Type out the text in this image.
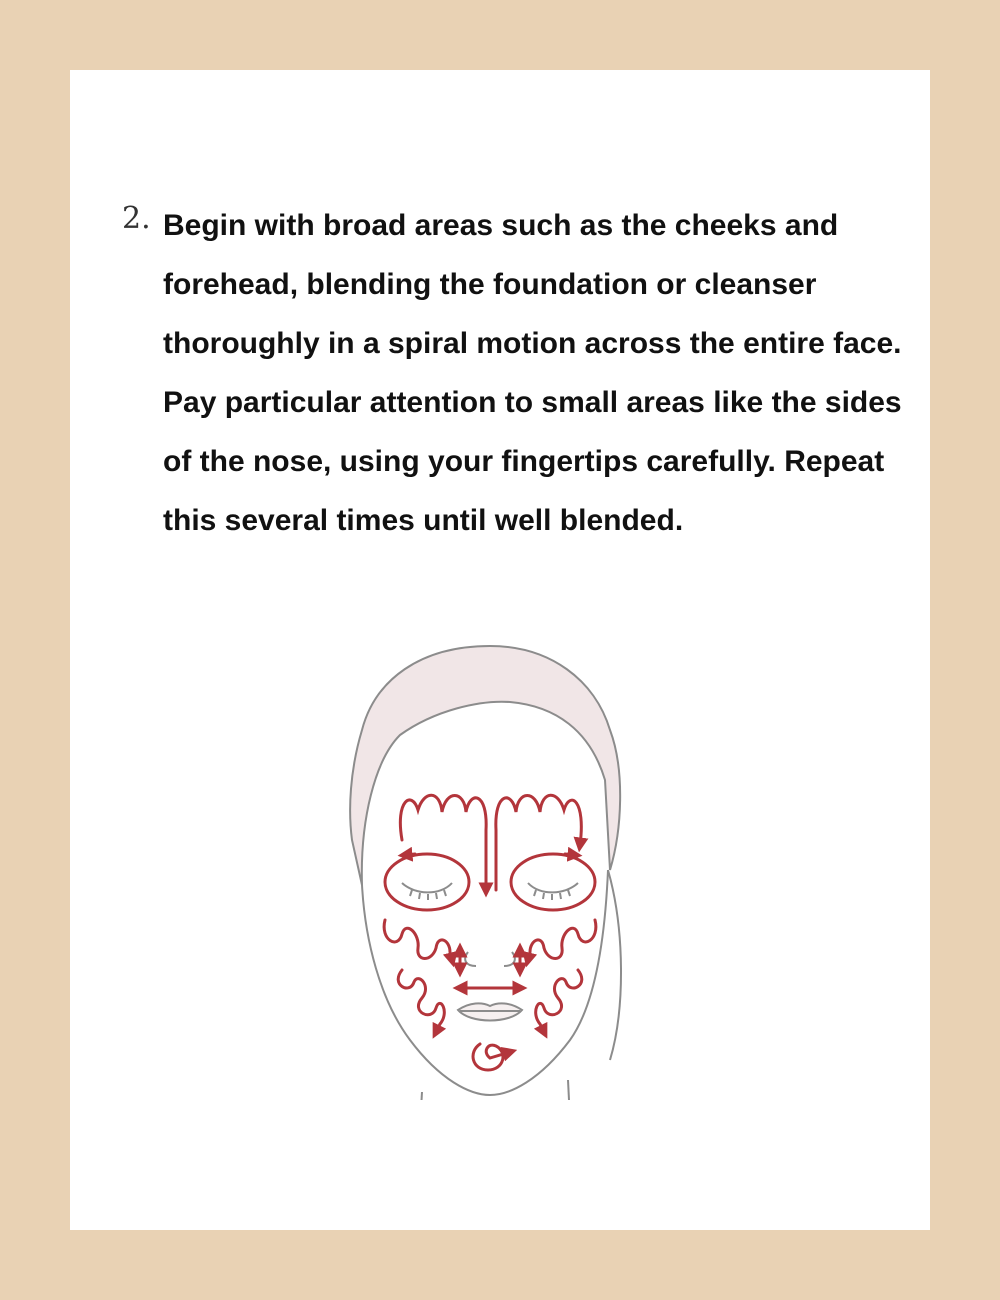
2. Begin with broad areas such as the cheeks and forehead, blending the foundation or cleanser thoroughly in a spiral motion across the entire face. Pay particular attention to small areas like the sides of the nose, using your fingertips carefully. Repeat this several times until well blended.
